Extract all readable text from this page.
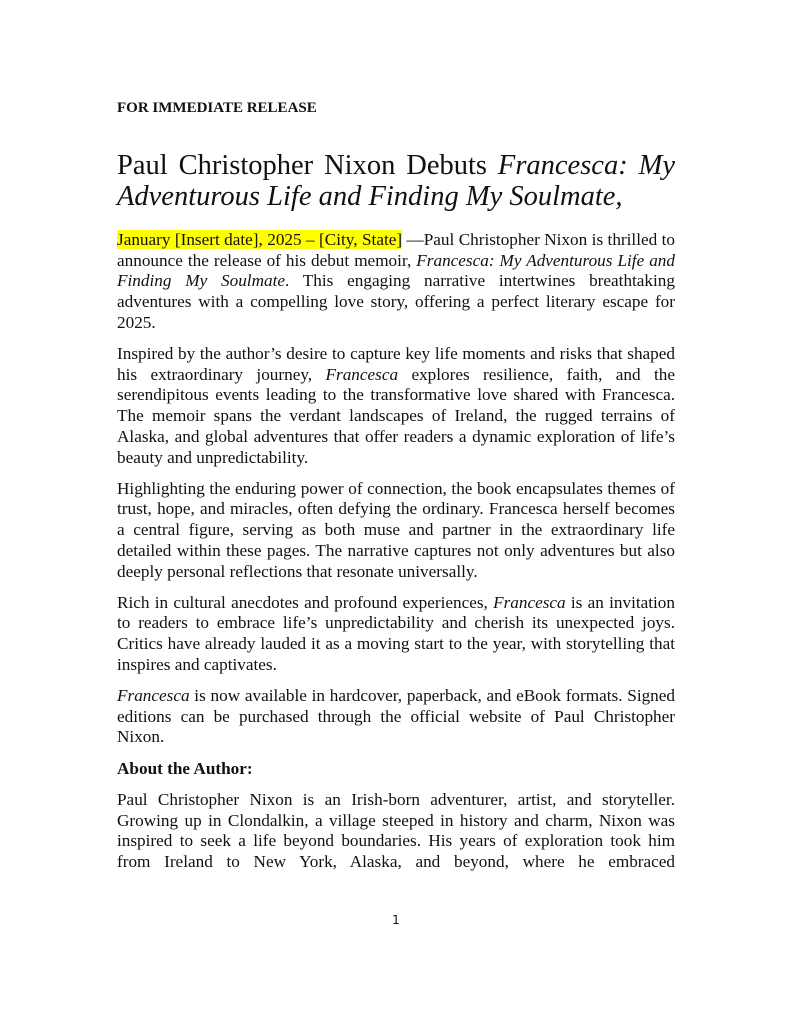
FOR IMMEDIATE RELEASE
Paul Christopher Nixon Debuts Francesca: My Adventurous Life and Finding My Soulmate,

January [Insert date], 2025 – [City, State] —Paul Christopher Nixon is thrilled to announce the release of his debut memoir, Francesca: My Adventurous Life and Finding My Soulmate. This engaging narrative intertwines breathtaking adventures with a compelling love story, offering a perfect literary escape for 2025.

Inspired by the author’s desire to capture key life moments and risks that shaped his extraordinary journey, Francesca explores resilience, faith, and the serendipitous events leading to the transformative love shared with Francesca. The memoir spans the verdant landscapes of Ireland, the rugged terrains of Alaska, and global adventures that offer readers a dynamic exploration of life’s beauty and unpredictability.

Highlighting the enduring power of connection, the book encapsulates themes of trust, hope, and miracles, often defying the ordinary. Francesca herself becomes a central figure, serving as both muse and partner in the extraordinary life detailed within these pages. The narrative captures not only adventures but also deeply personal reflections that resonate universally.

Rich in cultural anecdotes and profound experiences, Francesca is an invitation to readers to embrace life’s unpredictability and cherish its unexpected joys. Critics have already lauded it as a moving start to the year, with storytelling that inspires and captivates.

Francesca is now available in hardcover, paperback, and eBook formats. Signed editions can be purchased through the official website of Paul Christopher Nixon.

About the Author:

Paul Christopher Nixon is an Irish-born adventurer, artist, and storyteller. Growing up in Clondalkin, a village steeped in history and charm, Nixon was inspired to seek a life beyond boundaries. His years of exploration took him from Ireland to New York, Alaska, and beyond, where he embraced

1
